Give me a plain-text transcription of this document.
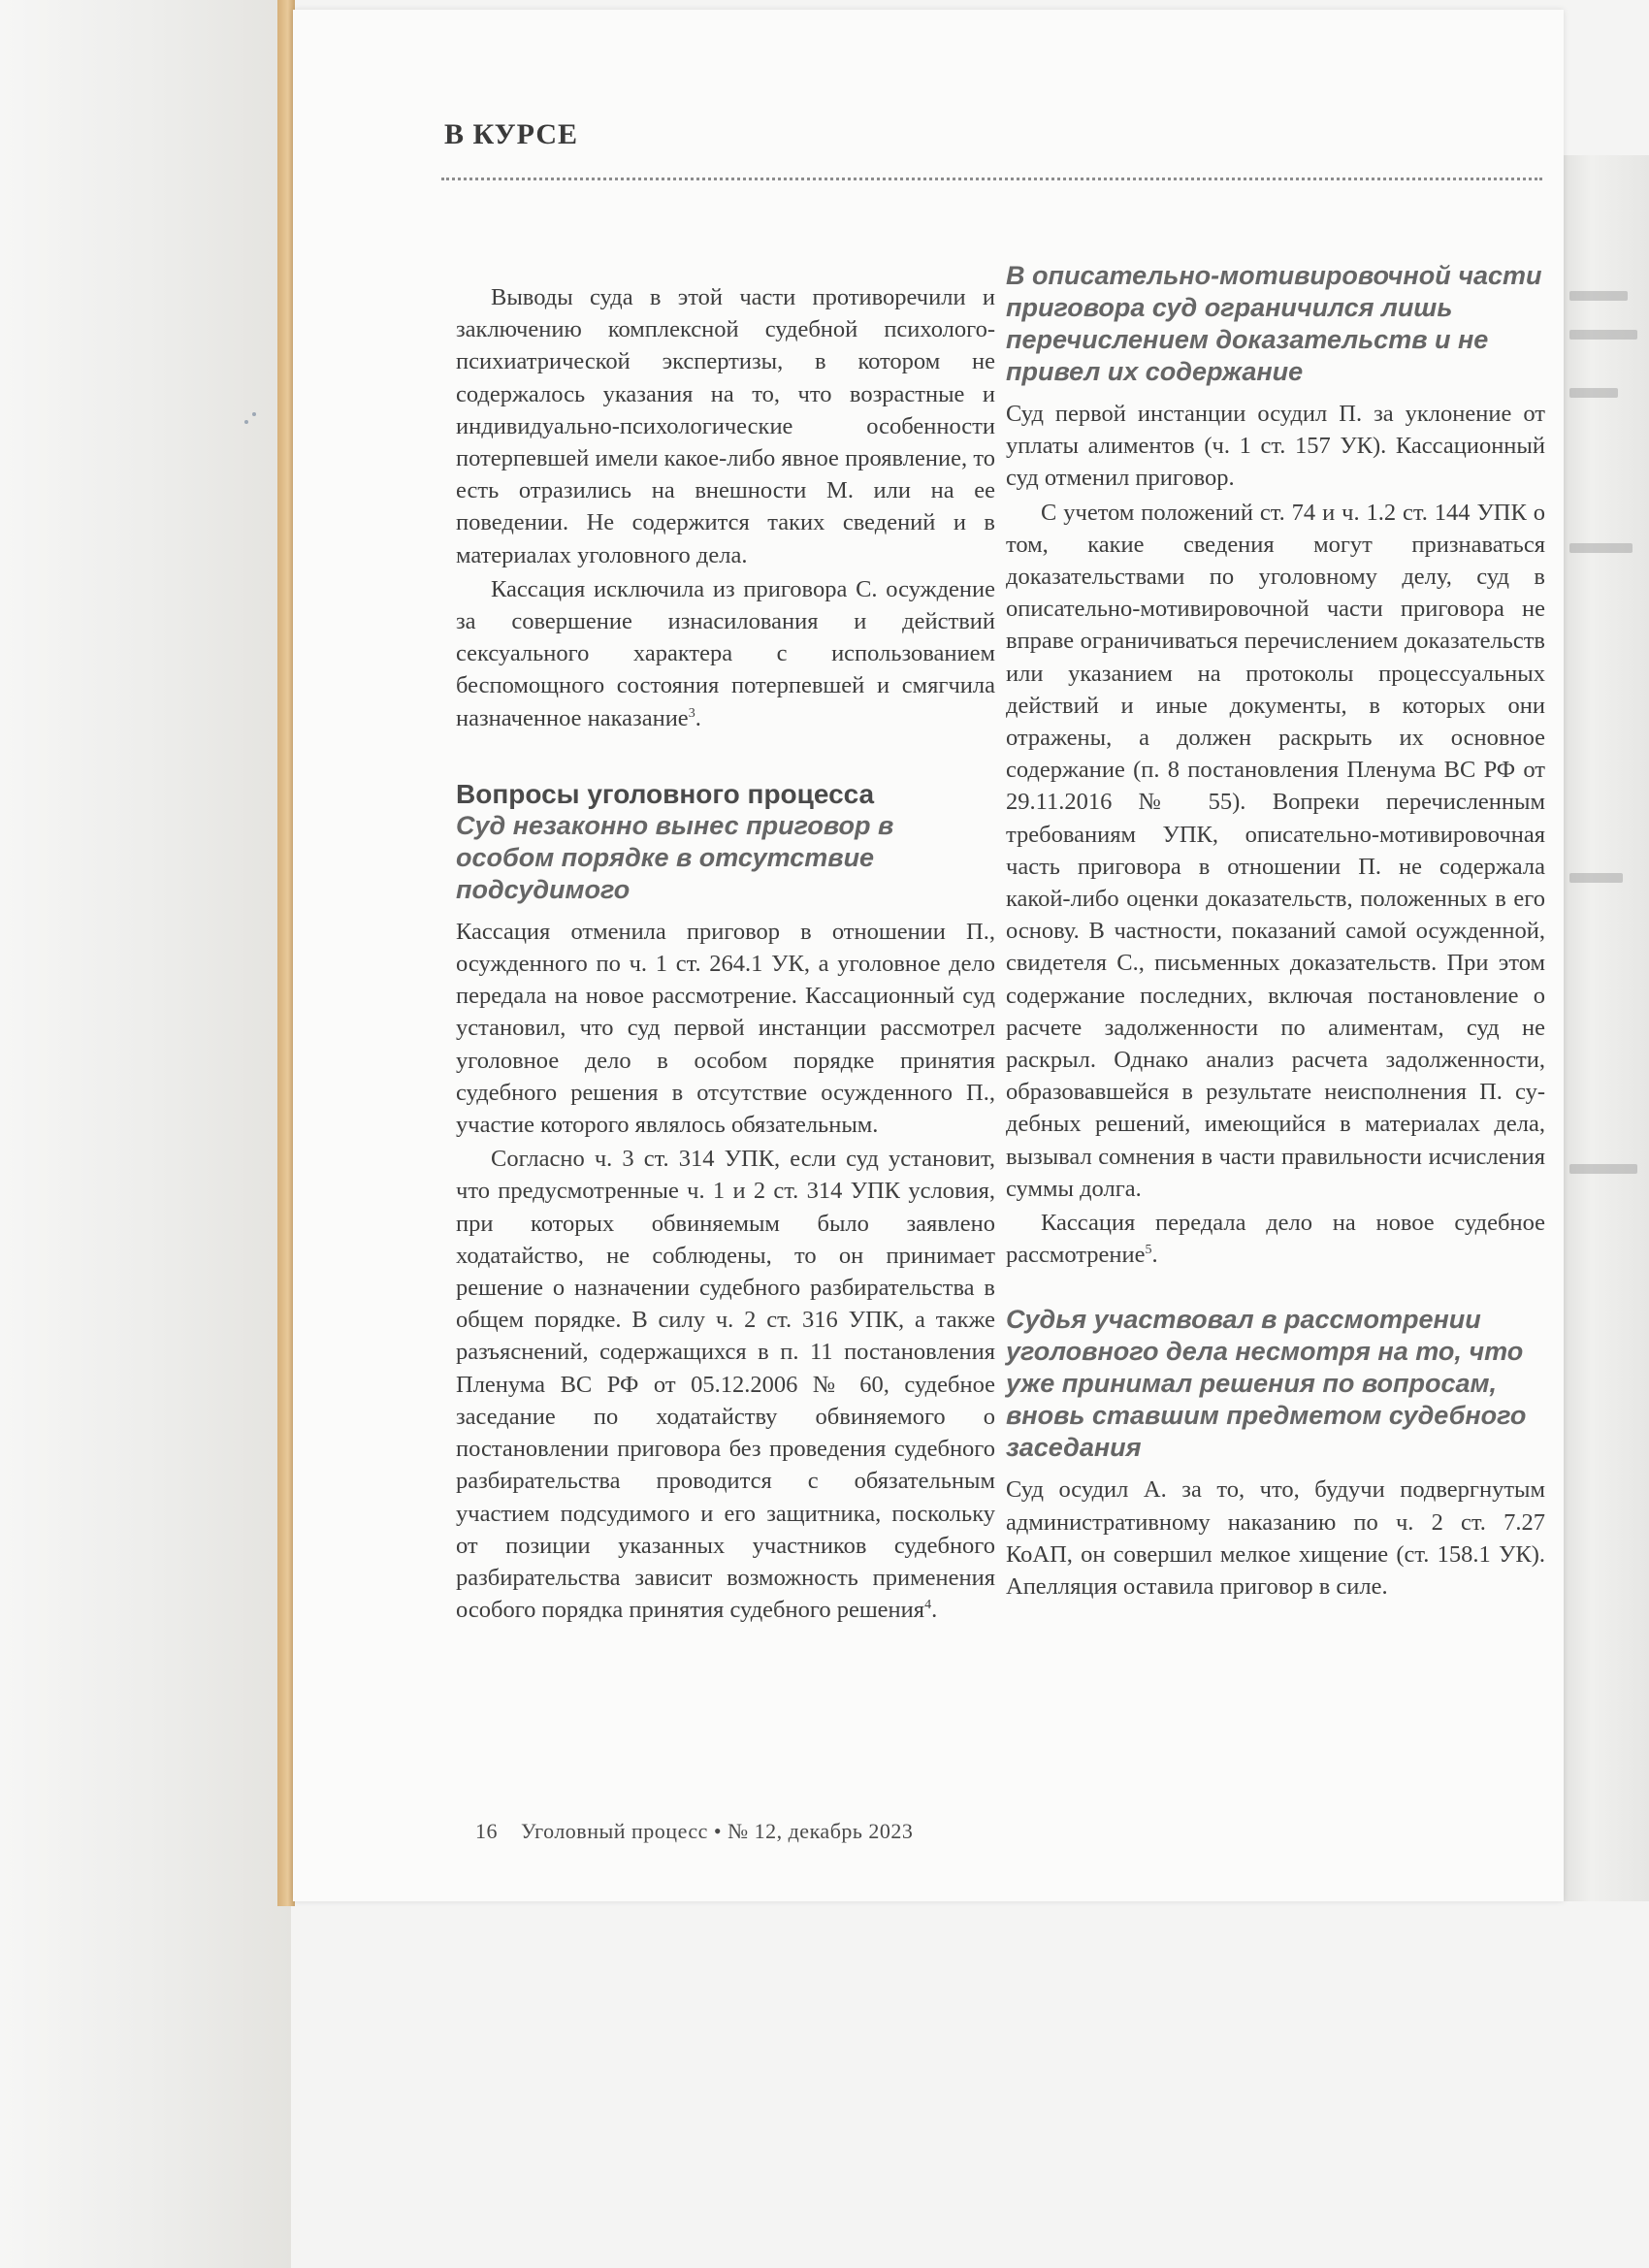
В КУРСЕ

Выводы суда в этой части противоречили и заключению комплексной судебной психолого-психиатрической экспертизы, в котором не содержалось указания на то, что возрастные и индивидуально-психологические особенности потерпевшей имели какое-либо явное проявление, то есть отразились на внешности М. или на ее поведении. Не содержится таких сведений и в материалах уголовного дела.

Кассация исключила из приговора С. осуждение за совершение изнасилования и действий сексуального характера с использованием беспомощного состояния потерпевшей и смягчила назначенное наказание$^3$.

Вопросы уголовного процесса
Суд незаконно вынес приговор в особом порядке в отсутствие подсудимого

Кассация отменила приговор в отношении П., осужденного по ч. 1 ст. 264.1 УК, а уголовное дело передала на новое рассмотрение. Кассационный суд установил, что суд первой инстанции рассмотрел уголовное дело в особом порядке принятия судебного решения в отсутствие осужденного П., участие которого являлось обязательным.

Согласно ч. 3 ст. 314 УПК, если суд установит, что предусмотренные ч. 1 и 2 ст. 314 УПК условия, при которых обвиняемым было заявлено ходатайство, не соблюдены, то он принимает решение о назначении судебного разбирательства в общем порядке. В силу ч. 2 ст. 316 УПК, а также разъяснений, содержащихся в п. 11 постановления Пленума ВС РФ от 05.12.2006 № 60, судебное заседание по ходатайству обвиняемого о постановлении приговора без проведения судебного разбирательства проводится с обязательным участием подсудимого и его защитника, поскольку от позиции указанных участников судебного разбирательства зависит возможность применения особого порядка принятия судебного решения$^4$.

В описательно-мотивировочной части приговора суд ограничился лишь перечислением доказательств и не привел их содержание

Суд первой инстанции осудил П. за уклонение от уплаты алиментов (ч. 1 ст. 157 УК). Кассационный суд отменил приговор.

С учетом положений ст. 74 и ч. 1.2 ст. 144 УПК о том, какие сведения могут признаваться доказательствами по уголовному делу, суд в описательно-мотивировочной части приговора не вправе ограничиваться перечислением доказательств или указанием на протоколы процессуальных действий и иные документы, в которых они отражены, а должен раскрыть их основное содержание (п. 8 постановления Пленума ВС РФ от 29.11.2016 № 55). Вопреки перечисленным требованиям УПК, описательно-мотивировочная часть приговора в отношении П. не содержала какой-либо оценки доказательств, положенных в его основу. В частности, показаний самой осужденной, свидетеля С., письменных доказательств. При этом содержание последних, включая постановление о расчете задолженности по алиментам, суд не раскрыл. Однако анализ расчета задолженности, образовавшейся в результате неисполнения П. судебных решений, имеющийся в материалах дела, вызывал сомнения в части правильности исчисления суммы долга.

Кассация передала дело на новое судебное рассмотрение$^5$.

Судья участвовал в рассмотрении уголовного дела несмотря на то, что уже принимал решения по вопросам, вновь ставшим предметом судебного заседания

Суд осудил А. за то, что, будучи подвергнутым административному наказанию по ч. 2 ст. 7.27 КоАП, он совершил мелкое хищение (ст. 158.1 УК). Апелляция оставила приговор в силе.

16 Уголовный процесс • № 12, декабрь 2023
